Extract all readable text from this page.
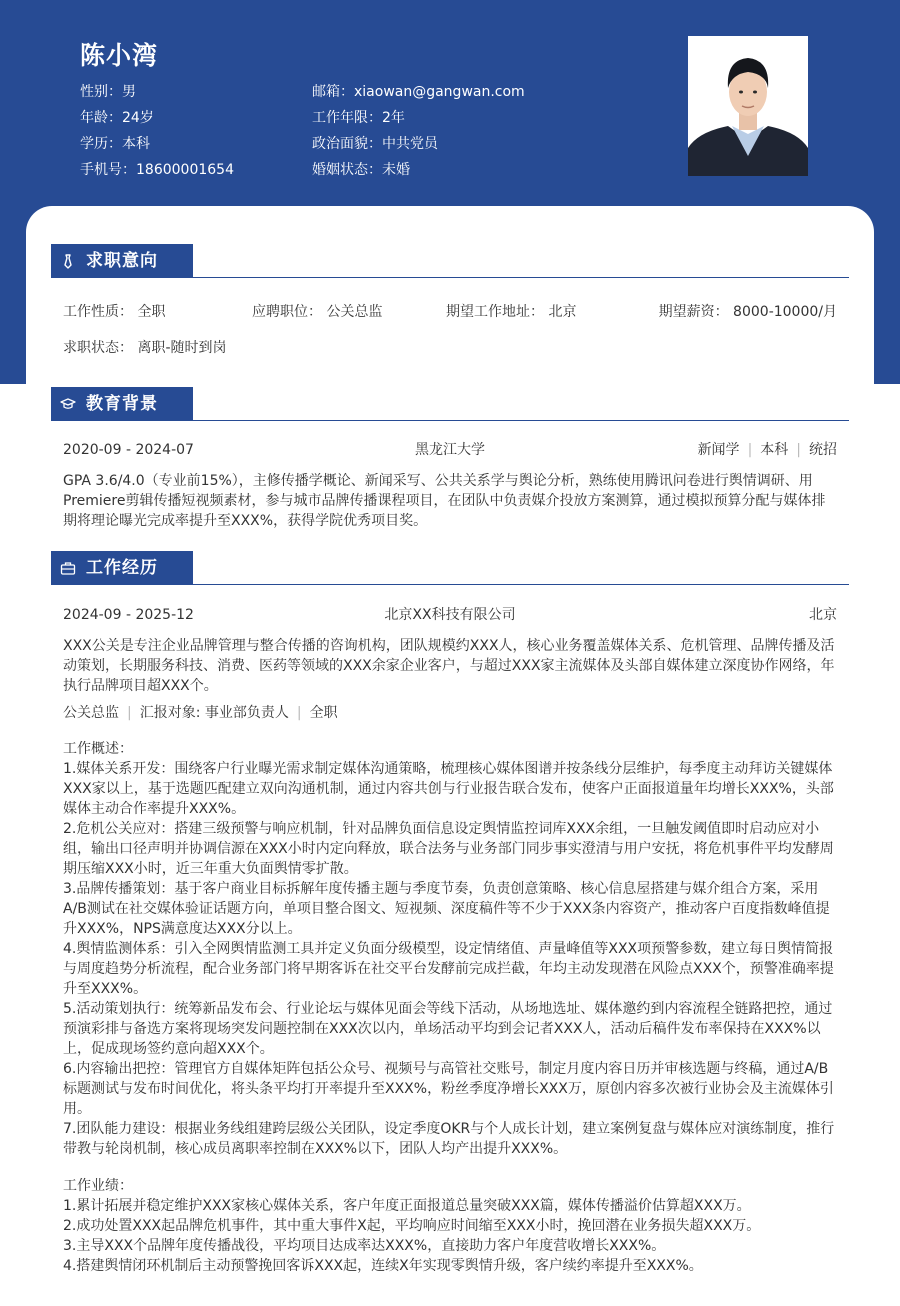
陈小湾
性别：男
年龄：24岁
学历：本科
手机号：18600001654
邮箱：xiaowan@gangwan.com
工作年限：2年
政治面貌：中共党员
婚姻状态：未婚
求职意向
工作性质： 全职	应聘职位： 公关总监	期望工作地址： 北京	期望薪资： 8000-10000/月
求职状态： 离职-随时到岗
教育背景
2020-09 - 2024-07	黑龙江大学	新闻学 | 本科 | 统招
GPA 3.6/4.0（专业前15%），主修传播学概论、新闻采写、公共关系学与舆论分析，熟练使用腾讯问卷进行舆情调研、用Premiere剪辑传播短视频素材，参与城市品牌传播课程项目，在团队中负责媒介投放方案测算，通过模拟预算分配与媒体排期将理论曝光完成率提升至XXX%，获得学院优秀项目奖。
工作经历
2024-09 - 2025-12	北京XX科技有限公司	北京
XXX公关是专注企业品牌管理与整合传播的咨询机构，团队规模约XXX人，核心业务覆盖媒体关系、危机管理、品牌传播及活动策划，长期服务科技、消费、医药等领域的XXX余家企业客户，与超过XXX家主流媒体及头部自媒体建立深度协作网络，年执行品牌项目超XXX个。
公关总监 | 汇报对象: 事业部负责人 | 全职
工作概述：
1.媒体关系开发：围绕客户行业曝光需求制定媒体沟通策略，梳理核心媒体图谱并按条线分层维护，每季度主动拜访关键媒体XXX家以上，基于选题匹配建立双向沟通机制，通过内容共创与行业报告联合发布，使客户正面报道量年均增长XXX%，头部媒体主动合作率提升XXX%。
2.危机公关应对：搭建三级预警与响应机制，针对品牌负面信息设定舆情监控词库XXX余组，一旦触发阈值即时启动应对小组，输出口径声明并协调信源在XXX小时内定向释放，联合法务与业务部门同步事实澄清与用户安抚，将危机事件平均发酵周期压缩XXX小时，近三年重大负面舆情零扩散。
3.品牌传播策划：基于客户商业目标拆解年度传播主题与季度节奏，负责创意策略、核心信息屋搭建与媒介组合方案，采用A/B测试在社交媒体验证话题方向，单项目整合图文、短视频、深度稿件等不少于XXX条内容资产，推动客户百度指数峰值提升XXX%，NPS满意度达XXX分以上。
4.舆情监测体系：引入全网舆情监测工具并定义负面分级模型，设定情绪值、声量峰值等XXX项预警参数，建立每日舆情简报与周度趋势分析流程，配合业务部门将早期客诉在社交平台发酵前完成拦截，年均主动发现潜在风险点XXX个，预警准确率提升至XXX%。
5.活动策划执行：统筹新品发布会、行业论坛与媒体见面会等线下活动，从场地选址、媒体邀约到内容流程全链路把控，通过预演彩排与备选方案将现场突发问题控制在XXX次以内，单场活动平均到会记者XXX人，活动后稿件发布率保持在XXX%以上，促成现场签约意向超XXX个。
6.内容输出把控：管理官方自媒体矩阵包括公众号、视频号与高管社交账号，制定月度内容日历并审核选题与终稿，通过A/B标题测试与发布时间优化，将头条平均打开率提升至XXX%，粉丝季度净增长XXX万，原创内容多次被行业协会及主流媒体引用。
7.团队能力建设：根据业务线组建跨层级公关团队，设定季度OKR与个人成长计划，建立案例复盘与媒体应对演练制度，推行带教与轮岗机制，核心成员离职率控制在XXX%以下，团队人均产出提升XXX%。
工作业绩：
1.累计拓展并稳定维护XXX家核心媒体关系，客户年度正面报道总量突破XXX篇，媒体传播溢价估算超XXX万。
2.成功处置XXX起品牌危机事件，其中重大事件X起，平均响应时间缩至XXX小时，挽回潜在业务损失超XXX万。
3.主导XXX个品牌年度传播战役，平均项目达成率达XXX%，直接助力客户年度营收增长XXX%。
4.搭建舆情闭环机制后主动预警挽回客诉XXX起，连续X年实现零舆情升级，客户续约率提升至XXX%。
